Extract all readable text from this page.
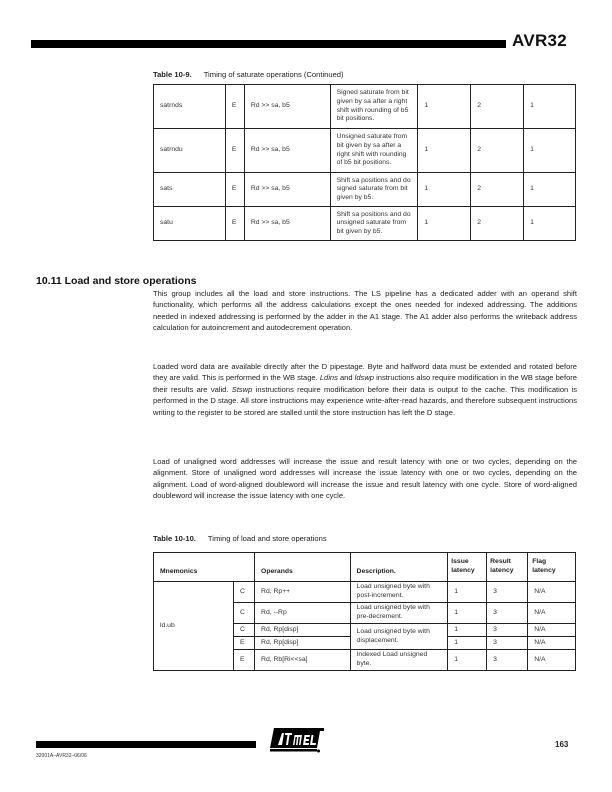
AVR32
Table 10-9. Timing of saturate operations (Continued)
satrnds	E	Rd >> sa, b5	Signed saturate from bit given by sa after a right shift with rounding of b5 bit positions.	1	2	1
satrndu	E	Rd >> sa, b5	Unsigned saturate from bit given by sa after a right shift with rounding of b5 bit positions.	1	2	1
sats	E	Rd >> sa, b5	Shift sa positions and do signed saturate from bit given by b5.	1	2	1
satu	E	Rd >> sa, b5	Shift sa positions and do unsigned saturate from bit given by b5.	1	2	1
10.11 Load and store operations

This group includes all the load and store instructions. The LS pipeline has a dedicated adder with an operand shift functionality, which performs all the address calculations except the ones needed for indexed addressing. The additions needed in indexed addressing is performed by the adder in the A1 stage. The A1 adder also performs the writeback address calculation for autoincrement and autodecrement operation.

Loaded word data are available directly after the D pipestage. Byte and halfword data must be extended and rotated before they are valid. This is performed in the WB stage. Ldins and ldswp instructions also require modification in the WB stage before their results are valid. Stswp instructions require modification before their data is output to the cache. This modification is performed in the D stage. All store instructions may experience write-after-read hazards, and therefore subsequent instructions writing to the register to be stored are stalled until the store instruction has left the D stage.

Load of unaligned word addresses will increase the issue and result latency with one or two cycles, depending on the alignment. Store of unaligned word addresses will increase the issue latency with one or two cycles, depending on the alignment. Load of word-aligned doubleword will increase the issue and result latency with one cycle. Store of word-aligned doubleword will increase the issue latency with one cycle.

Table 10-10. Timing of load and store operations
Mnemonics		Operands	Description.	Issue latency	Result latency	Flag latency
ld.ub	C	Rd, Rp++	Load unsigned byte with post-increment.	1	3	N/A
	C	Rd, --Rp	Load unsigned byte with pre-decrement.	1	3	N/A
	C	Rd, Rp[disp]	Load unsigned byte with displacement.	1	3	N/A
	E	Rd, Rp[disp]		1	3	N/A
	E	Rd, Rb[Ri<<sa]	Indexed Load unsigned byte.	1	3	N/A
32001A–AVR32–06/06
163
